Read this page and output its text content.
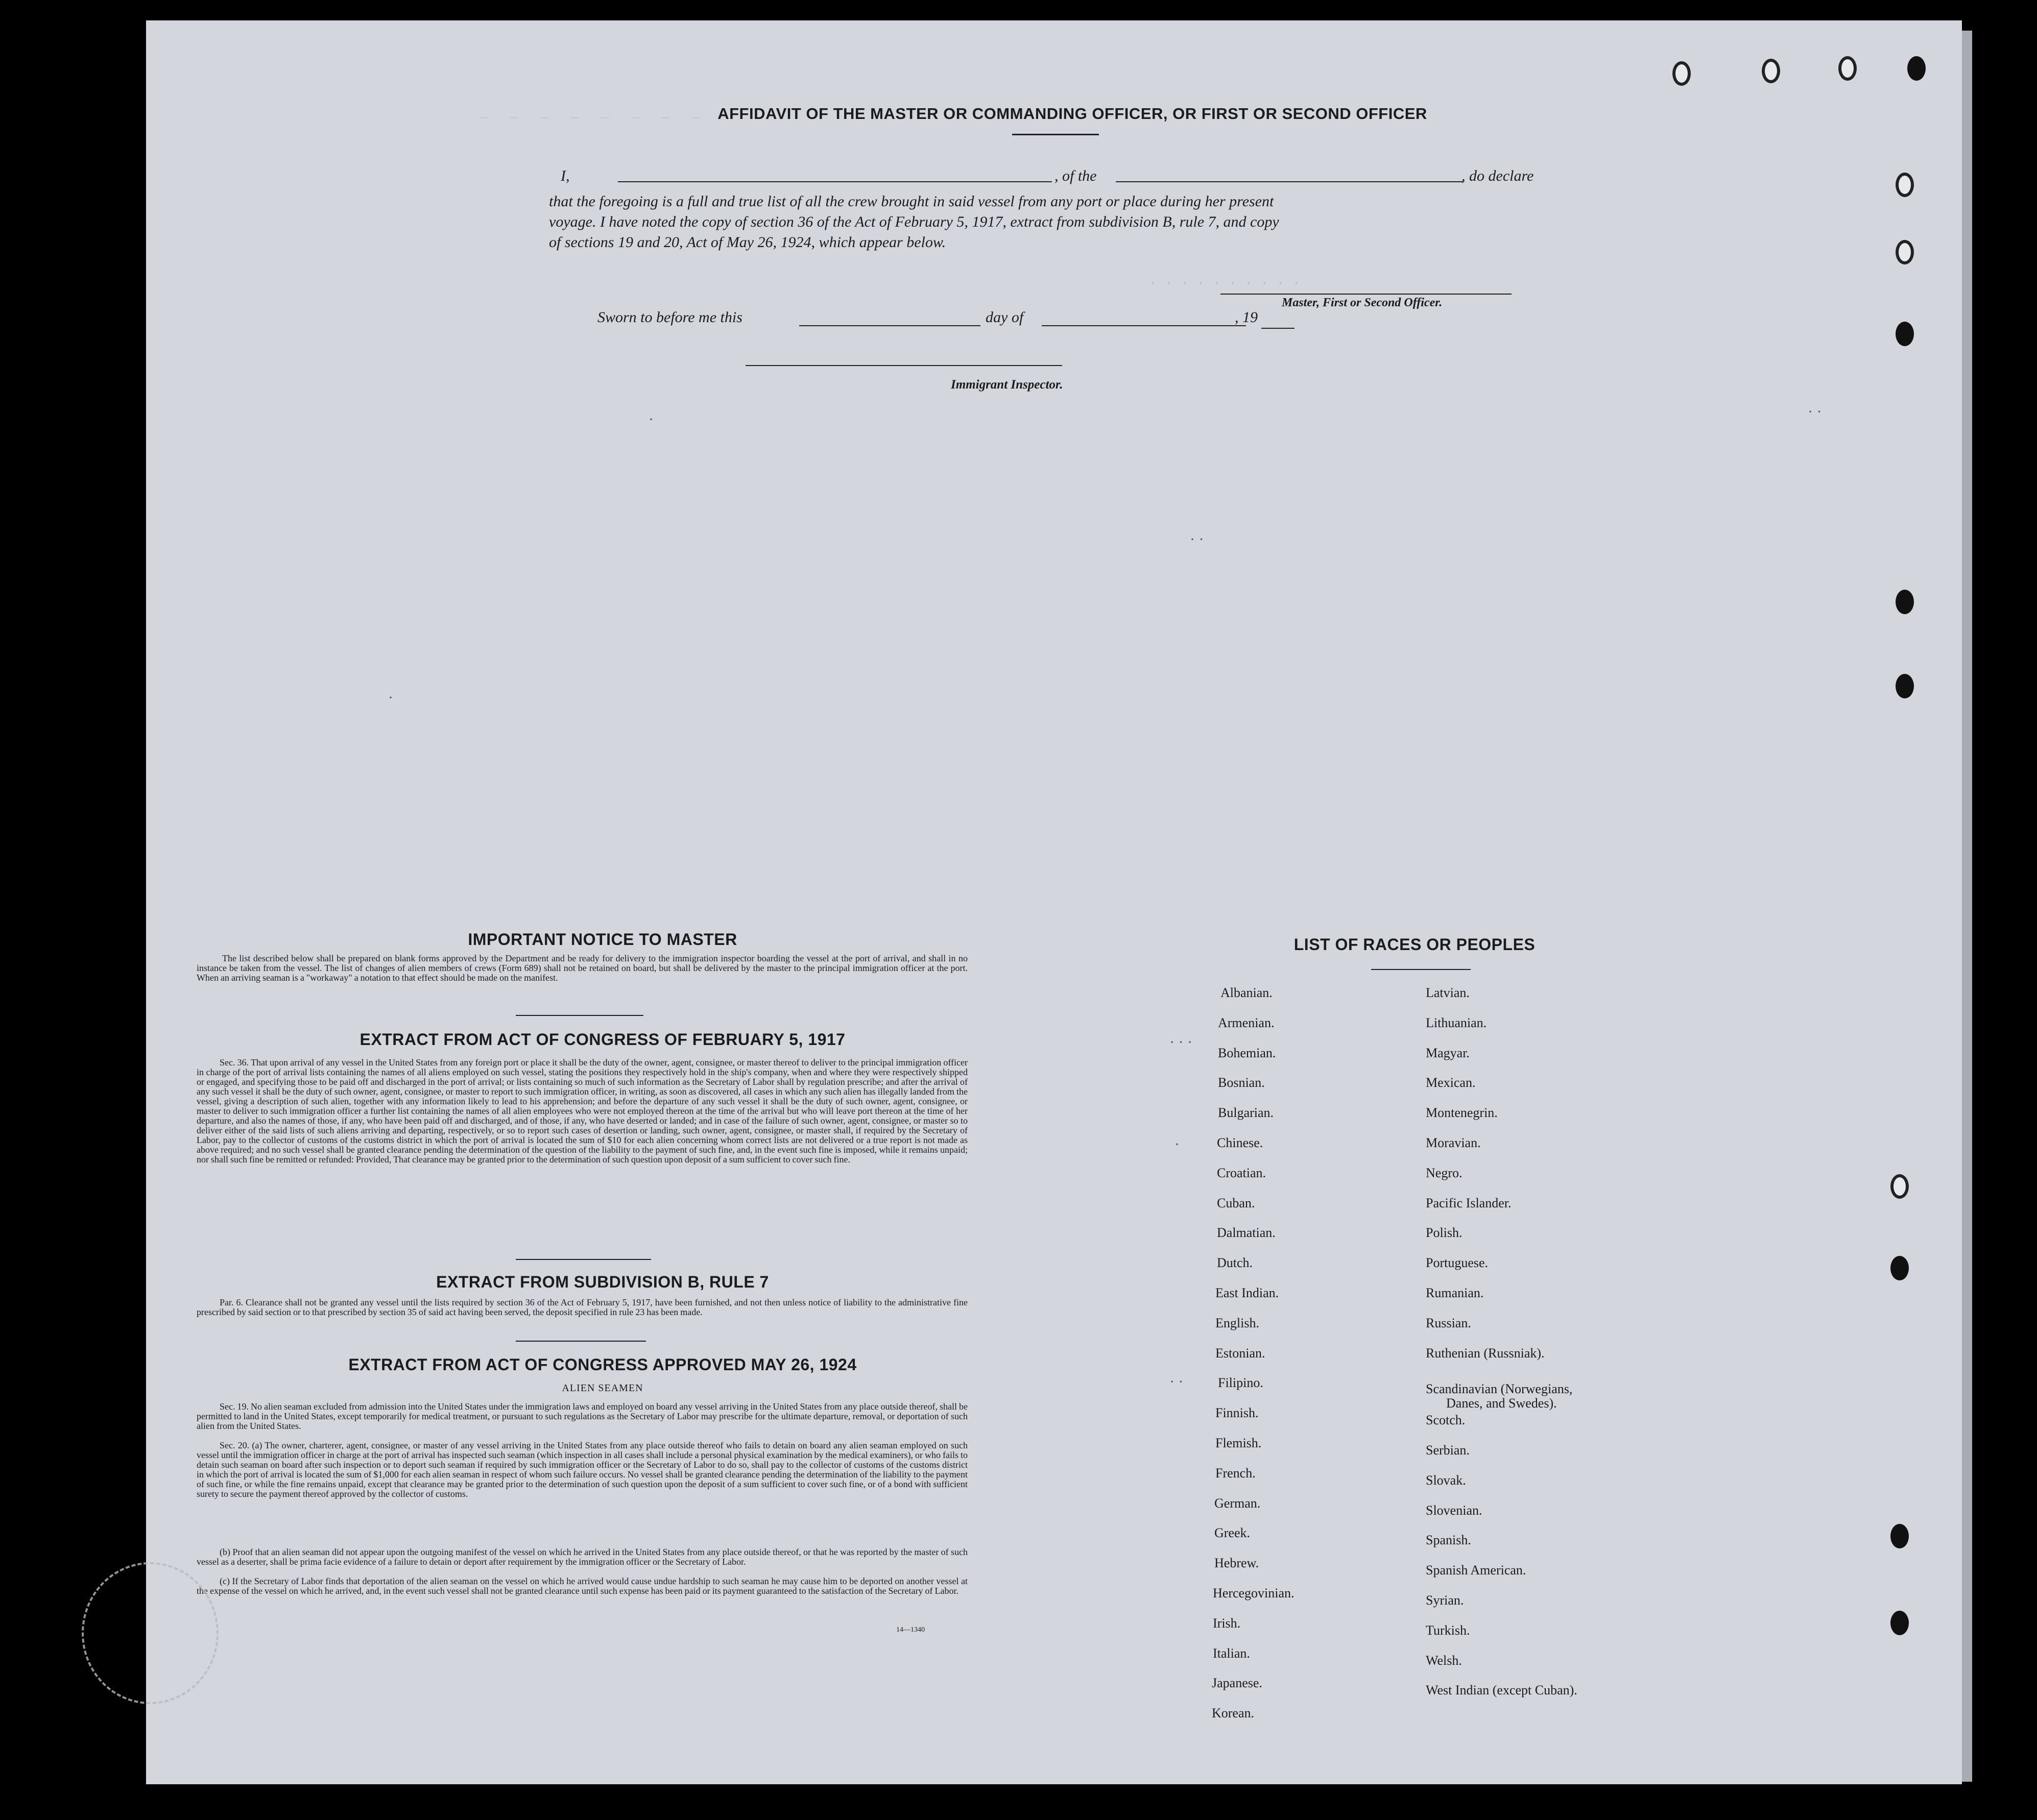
— — — — — — — —
· · · · · · · · · ·
·
· ·
· ·
·
· · ·
·
· ·
AFFIDAVIT OF THE MASTER OR COMMANDING OFFICER, OR FIRST OR SECOND OFFICER
I,	, of the	, do declare
that the foregoing is a full and true list of all the crew brought in said vessel from any port or place during her present
voyage. I have noted the copy of section 36 of the Act of February 5, 1917, extract from subdivision B, rule 7, and copy
of sections 19 and 20, Act of May 26, 1924, which appear below.
Master, First or Second Officer.
Sworn to before me this	day of	, 19
Immigrant Inspector.
IMPORTANT NOTICE TO MASTER
The list described below shall be prepared on blank forms approved by the Department and be ready for delivery to the immigration inspector boarding the vessel at the port of arrival, and shall in no instance be taken from the vessel. The list of changes of alien members of crews (Form 689) shall not be retained on board, but shall be delivered by the master to the principal immigration officer at the port. When an arriving seaman is a "workaway" a notation to that effect should be made on the manifest.
EXTRACT FROM ACT OF CONGRESS OF FEBRUARY 5, 1917
Sec. 36. That upon arrival of any vessel in the United States from any foreign port or place it shall be the duty of the owner, agent, consignee, or master thereof to deliver to the principal immigration officer in charge of the port of arrival lists containing the names of all aliens employed on such vessel, stating the positions they respectively hold in the ship's company, when and where they were respectively shipped or engaged, and specifying those to be paid off and discharged in the port of arrival; or lists containing so much of such information as the Secretary of Labor shall by regulation prescribe; and after the arrival of any such vessel it shall be the duty of such owner, agent, consignee, or master to report to such immigration officer, in writing, as soon as discovered, all cases in which any such alien has illegally landed from the vessel, giving a description of such alien, together with any information likely to lead to his apprehension; and before the departure of any such vessel it shall be the duty of such owner, agent, consignee, or master to deliver to such immigration officer a further list containing the names of all alien employees who were not employed thereon at the time of the arrival but who will leave port thereon at the time of her departure, and also the names of those, if any, who have been paid off and discharged, and of those, if any, who have deserted or landed; and in case of the failure of such owner, agent, consignee, or master so to deliver either of the said lists of such aliens arriving and departing, respectively, or so to report such cases of desertion or landing, such owner, agent, consignee, or master shall, if required by the Secretary of Labor, pay to the collector of customs of the customs district in which the port of arrival is located the sum of $10 for each alien concerning whom correct lists are not delivered or a true report is not made as above required; and no such vessel shall be granted clearance pending the determination of the question of the liability to the payment of such fine, and, in the event such fine is imposed, while it remains unpaid; nor shall such fine be remitted or refunded: Provided, That clearance may be granted prior to the determination of such question upon deposit of a sum sufficient to cover such fine.
EXTRACT FROM SUBDIVISION B, RULE 7
Par. 6. Clearance shall not be granted any vessel until the lists required by section 36 of the Act of February 5, 1917, have been furnished, and not then unless notice of liability to the administrative fine prescribed by said section or to that prescribed by section 35 of said act having been served, the deposit specified in rule 23 has been made.
EXTRACT FROM ACT OF CONGRESS APPROVED MAY 26, 1924
ALIEN SEAMEN
Sec. 19. No alien seaman excluded from admission into the United States under the immigration laws and employed on board any vessel arriving in the United States from any place outside thereof, shall be permitted to land in the United States, except temporarily for medical treatment, or pursuant to such regulations as the Secretary of Labor may prescribe for the ultimate departure, removal, or deportation of such alien from the United States.
Sec. 20. (a) The owner, charterer, agent, consignee, or master of any vessel arriving in the United States from any place outside thereof who fails to detain on board any alien seaman employed on such vessel until the immigration officer in charge at the port of arrival has inspected such seaman (which inspection in all cases shall include a personal physical examination by the medical examiners), or who fails to detain such seaman on board after such inspection or to deport such seaman if required by such immigration officer or the Secretary of Labor to do so, shall pay to the collector of customs of the customs district in which the port of arrival is located the sum of $1,000 for each alien seaman in respect of whom such failure occurs. No vessel shall be granted clearance pending the determination of the liability to the payment of such fine, or while the fine remains unpaid, except that clearance may be granted prior to the determination of such question upon the deposit of a sum sufficient to cover such fine, or of a bond with sufficient surety to secure the payment thereof approved by the collector of customs.
(b) Proof that an alien seaman did not appear upon the outgoing manifest of the vessel on which he arrived in the United States from any place outside thereof, or that he was reported by the master of such vessel as a deserter, shall be prima facie evidence of a failure to detain or deport after requirement by the immigration officer or the Secretary of Labor.
(c) If the Secretary of Labor finds that deportation of the alien seaman on the vessel on which he arrived would cause undue hardship to such seaman he may cause him to be deported on another vessel at the expense of the vessel on which he arrived, and, in the event such vessel shall not be granted clearance until such expense has been paid or its payment guaranteed to the satisfaction of the Secretary of Labor.
14—1340
LIST OF RACES OR PEOPLES
Albanian.
Armenian.
Bohemian.
Bosnian.
Bulgarian.
Chinese.
Croatian.
Cuban.
Dalmatian.
Dutch.
East Indian.
English.
Estonian.
Filipino.
Finnish.
Flemish.
French.
German.
Greek.
Hebrew.
Hercegovinian.
Irish.
Italian.
Japanese.
Korean.
Latvian.
Lithuanian.
Magyar.
Mexican.
Montenegrin.
Moravian.
Negro.
Pacific Islander.
Polish.
Portuguese.
Rumanian.
Russian.
Ruthenian (Russniak).
Scandinavian (Norwegians,
Danes, and Swedes).
Scotch.
Serbian.
Slovak.
Slovenian.
Spanish.
Spanish American.
Syrian.
Turkish.
Welsh.
West Indian (except Cuban).
